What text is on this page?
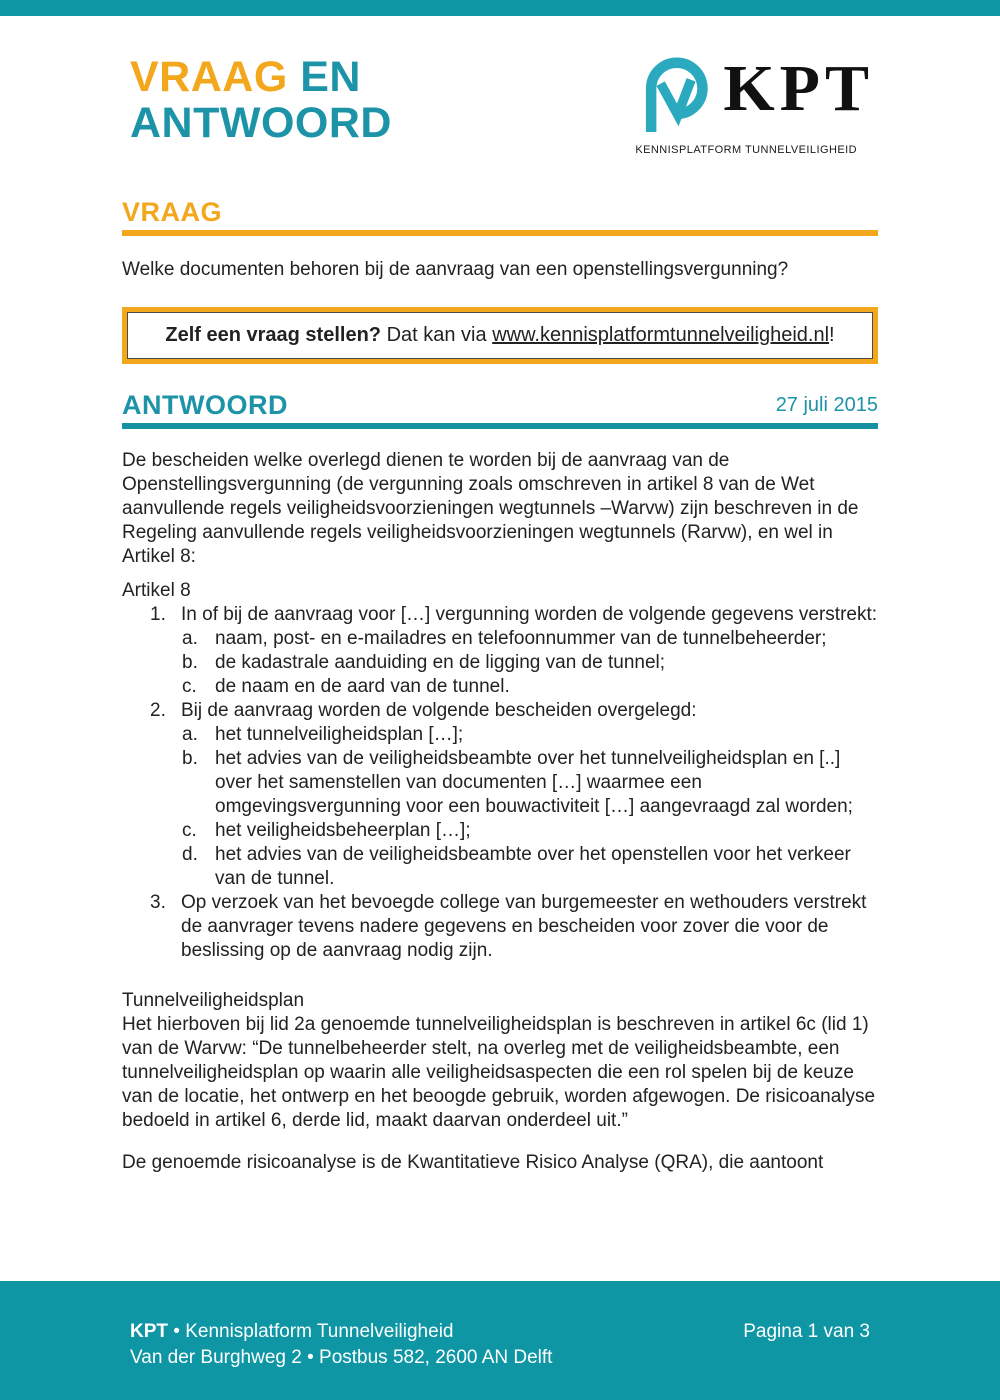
VRAAG EN
ANTWOORD	KPT
KENNISPLATFORM TUNNELVEILIGHEID
VRAAG
Welke documenten behoren bij de aanvraag van een openstellingsvergunning?
Zelf een vraag stellen? Dat kan via www.kennisplatformtunnelveiligheid.nl!
ANTWOORD	27 juli 2015
De bescheiden welke overlegd dienen te worden bij de aanvraag van de Openstellingsvergunning (de vergunning zoals omschreven in artikel 8 van de Wet aanvullende regels veiligheidsvoorzieningen wegtunnels –Warvw) zijn beschreven in de Regeling aanvullende regels veiligheidsvoorzieningen wegtunnels (Rarvw), en wel in Artikel 8:
Artikel 8
1. In of bij de aanvraag voor […] vergunning worden de volgende gegevens verstrekt:
a. naam, post- en e-mailadres en telefoonnummer van de tunnelbeheerder;
b. de kadastrale aanduiding en de ligging van de tunnel;
c. de naam en de aard van de tunnel.
2. Bij de aanvraag worden de volgende bescheiden overgelegd:
a. het tunnelveiligheidsplan […];
b. het advies van de veiligheidsbeambte over het tunnelveiligheidsplan en [..] over het samenstellen van documenten […] waarmee een omgevingsvergunning voor een bouwactiviteit […] aangevraagd zal worden;
c. het veiligheidsbeheerplan […];
d. het advies van de veiligheidsbeambte over het openstellen voor het verkeer van de tunnel.
3. Op verzoek van het bevoegde college van burgemeester en wethouders verstrekt de aanvrager tevens nadere gegevens en bescheiden voor zover die voor de beslissing op de aanvraag nodig zijn.
Tunnelveiligheidsplan
Het hierboven bij lid 2a genoemde tunnelveiligheidsplan is beschreven in artikel 6c (lid 1) van de Warvw: “De tunnelbeheerder stelt, na overleg met de veiligheidsbeambte, een tunnelveiligheidsplan op waarin alle veiligheidsaspecten die een rol spelen bij de keuze van de locatie, het ontwerp en het beoogde gebruik, worden afgewogen. De risicoanalyse bedoeld in artikel 6, derde lid, maakt daarvan onderdeel uit.”
De genoemde risicoanalyse is de Kwantitatieve Risico Analyse (QRA), die aantoont
KPT • Kennisplatform Tunnelveiligheid
Van der Burghweg 2 • Postbus 582, 2600 AN Delft
Pagina 1 van 3
